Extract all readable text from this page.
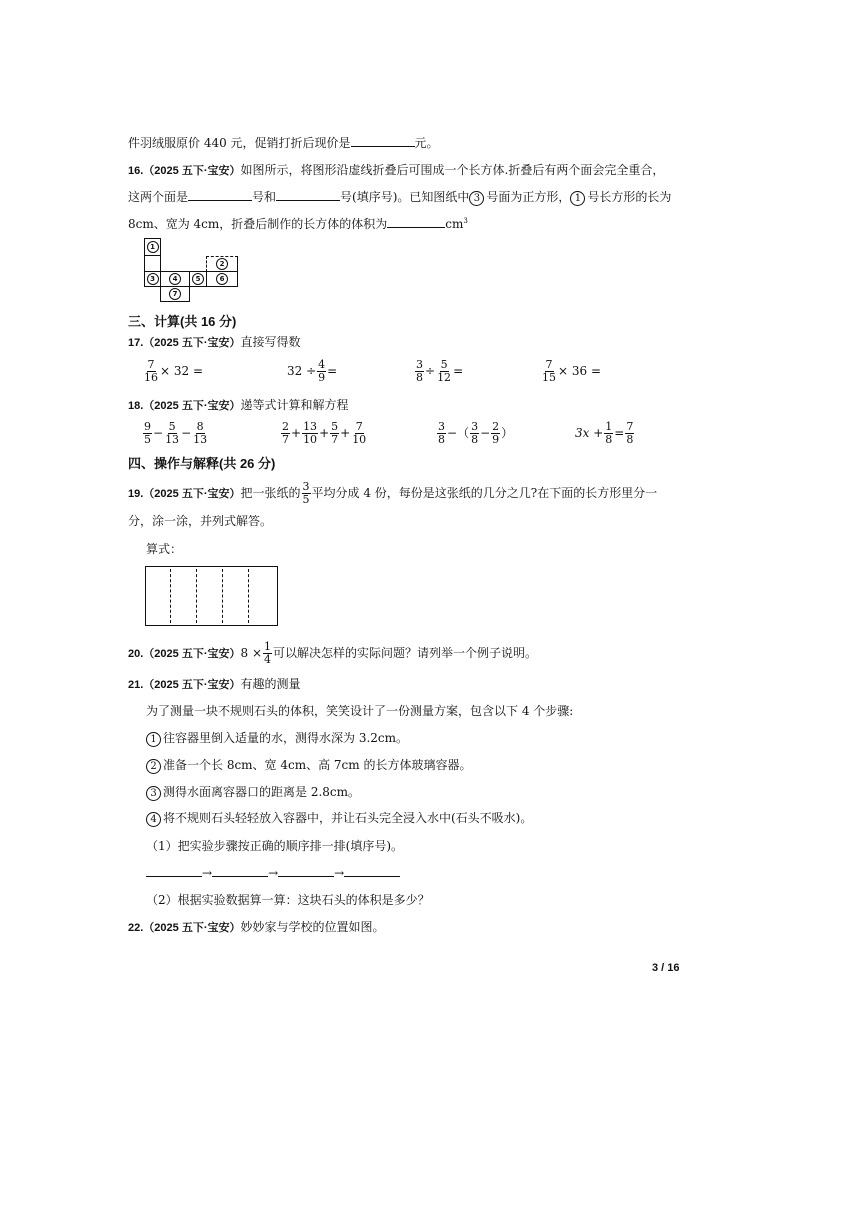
件羽绒服原价 440 元，促销打折后现价是	元。
16.（2025 五下·宝安）如图所示，将图形沿虚线折叠后可围成一个长方体.折叠后有两个面会完全重合，
这两个面是	号和	号(填序号)。已知图纸中 3 号面为正方形， 1 号长方形的长为
8cm、宽为 4cm，折叠后制作的长方体的体积为	$cm^3$
1
3	4	5	6
2
7
三、计算(共 16 分)
17.（2025 五下·宝安）直接写得数
$\frac{7}{16} \times 32$ =	$32 \div \frac{4}{9}$ =	$\frac{3}{8} \div \frac{5}{12}$ =	$\frac{7}{15} \times 36$ =
18.（2025 五下·宝安）递等式计算和解方程
$\frac{9}{5} - \frac{5}{13} - \frac{8}{13}$	$\frac{2}{7} + \frac{13}{10} + \frac{5}{7} + \frac{7}{10}$	$\frac{3}{8}$ −（ $\frac{3}{8} - \frac{2}{9}$ ）	$3x + \frac{1}{8} = \frac{7}{8}$
四、操作与解释(共 26 分)
19.（2025 五下·宝安）把一张纸的 $\frac{3}{5}$ 平均分成 4 份，每份是这张纸的几分之几?在下面的长方形里分一
分，涂一涂，并列式解答。
算式：
20.（2025 五下·宝安）$8 \times \frac{1}{4}$ 可以解决怎样的实际问题？请列举一个例子说明。
21.（2025 五下·宝安）有趣的测量
为了测量一块不规则石头的体积，笑笑设计了一份测量方案，包含以下 4 个步骤:
1 往容器里倒入适量的水，测得水深为 3.2cm。
2 准备一个长 8cm、宽 4cm、高 7cm 的长方体玻璃容器。
3 测得水面离容器口的距离是 2.8cm。
4 将不规则石头轻轻放入容器中，并让石头完全浸入水中(石头不吸水)。
（1）把实验步骤按正确的顺序排一排(填序号)。
→	→	→
（2）根据实验数据算一算：这块石头的体积是多少？
22.（2025 五下·宝安）妙妙家与学校的位置如图。
3 / 16
